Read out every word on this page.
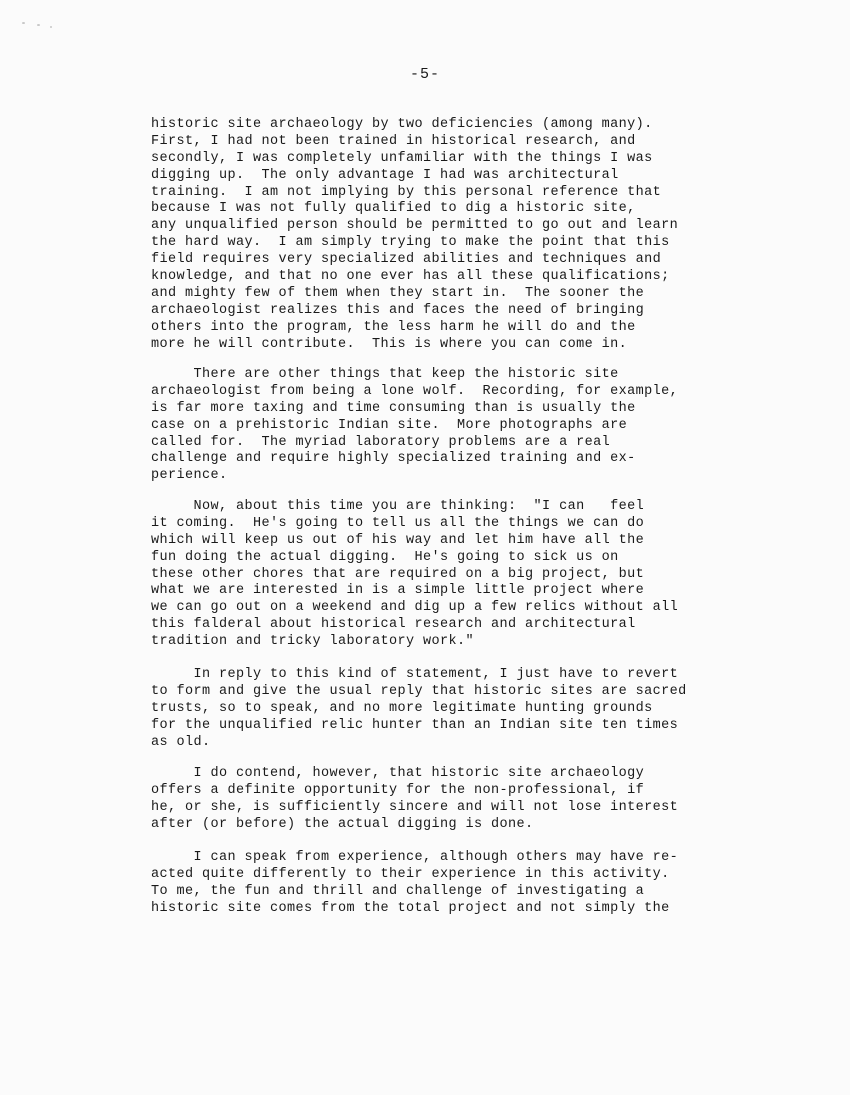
-5-
historic site archaeology by two deficiencies (among many).
First, I had not been trained in historical research, and
secondly, I was completely unfamiliar with the things I was
digging up.  The only advantage I had was architectural
training.  I am not implying by this personal reference that
because I was not fully qualified to dig a historic site,
any unqualified person should be permitted to go out and learn
the hard way.  I am simply trying to make the point that this
field requires very specialized abilities and techniques and
knowledge, and that no one ever has all these qualifications;
and mighty few of them when they start in.  The sooner the
archaeologist realizes this and faces the need of bringing
others into the program, the less harm he will do and the
more he will contribute.  This is where you can come in.
There are other things that keep the historic site
archaeologist from being a lone wolf.  Recording, for example,
is far more taxing and time consuming than is usually the
case on a prehistoric Indian site.  More photographs are
called for.  The myriad laboratory problems are a real
challenge and require highly specialized training and ex-
perience.
Now, about this time you are thinking:  "I can   feel
it coming.  He's going to tell us all the things we can do
which will keep us out of his way and let him have all the
fun doing the actual digging.  He's going to sick us on
these other chores that are required on a big project, but
what we are interested in is a simple little project where
we can go out on a weekend and dig up a few relics without all
this falderal about historical research and architectural
tradition and tricky laboratory work."
In reply to this kind of statement, I just have to revert
to form and give the usual reply that historic sites are sacred
trusts, so to speak, and no more legitimate hunting grounds
for the unqualified relic hunter than an Indian site ten times
as old.
I do contend, however, that historic site archaeology
offers a definite opportunity for the non-professional, if
he, or she, is sufficiently sincere and will not lose interest
after (or before) the actual digging is done.
I can speak from experience, although others may have re-
acted quite differently to their experience in this activity.
To me, the fun and thrill and challenge of investigating a
historic site comes from the total project and not simply the
